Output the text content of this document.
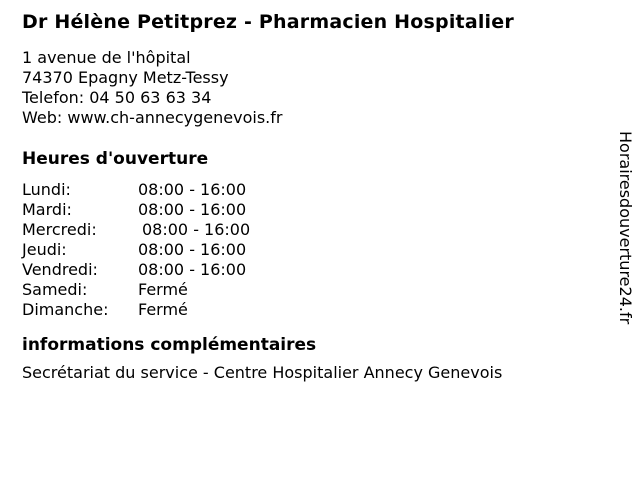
Dr Hélène Petitprez - Pharmacien Hospitalier
1 avenue de l'hôpital
74370 Epagny Metz-Tessy
Telefon: 04 50 63 63 34
Web: www.ch-annecygenevois.fr
Heures d'ouverture
Lundi:	08:00 - 16:00
Mardi:	08:00 - 16:00
Mercredi:	08:00 - 16:00
Jeudi:	08:00 - 16:00
Vendredi:	08:00 - 16:00
Samedi:	Fermé
Dimanche:	Fermé
informations complémentaires
Secrétariat du service - Centre Hospitalier Annecy Genevois
Horairesdouverture24.fr
